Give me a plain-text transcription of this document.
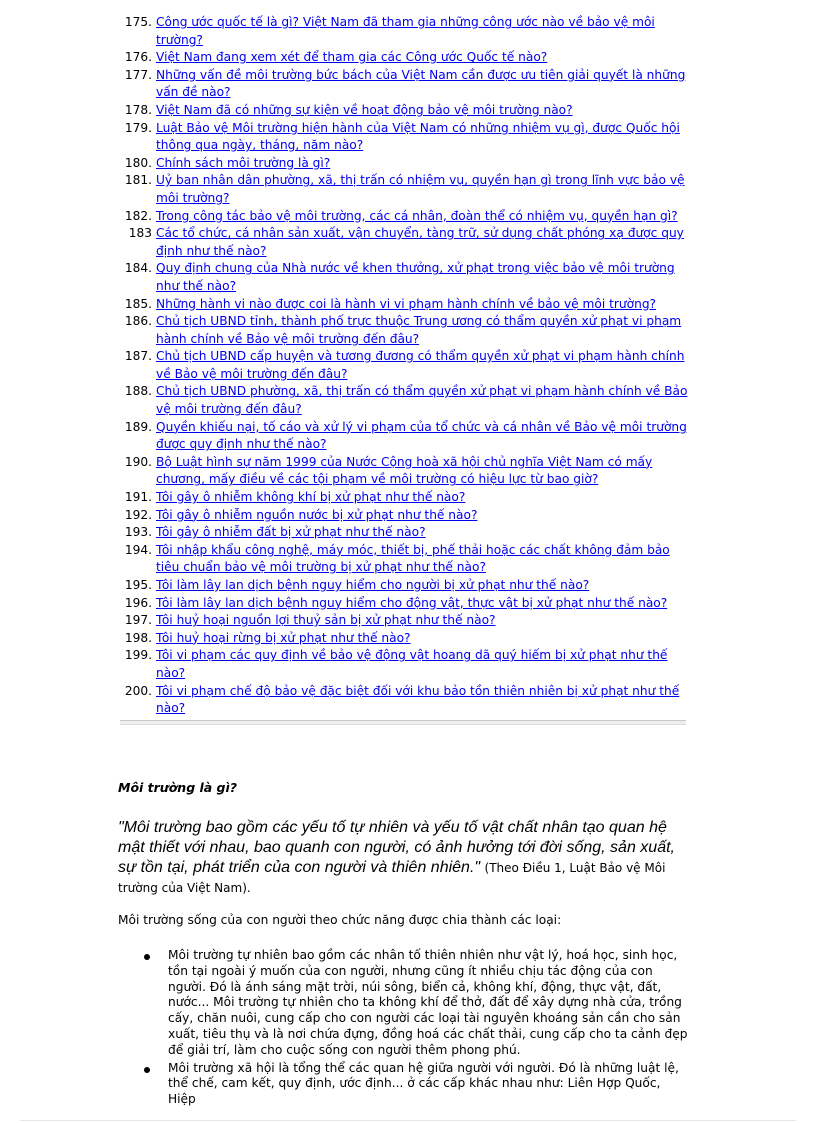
175. Công ước quốc tế là gì? Việt Nam đã tham gia những công ước nào về bảo vệ môi trường?
176. Việt Nam đang xem xét để tham gia các Công ước Quốc tế nào?
177. Những vấn đề môi trường bức bách của Việt Nam cần được ưu tiên giải quyết là những vấn đề nào?
178. Việt Nam đã có những sự kiện về hoạt động bảo vệ môi trường nào?
179. Luật Bảo vệ Môi trường hiện hành của Việt Nam có những nhiệm vụ gì, được Quốc hội thông qua ngày, tháng, năm nào?
180. Chính sách môi trường là gì?
181. Uỷ ban nhân dân phường, xã, thị trấn có nhiệm vụ, quyền hạn gì trong lĩnh vực bảo vệ môi trường?
182. Trong công tác bảo vệ môi trường, các cá nhân, đoàn thể có nhiệm vụ, quyền hạn gì?
183 Các tổ chức, cá nhân sản xuất, vận chuyển, tàng trữ, sử dụng chất phóng xạ được quy định như thế nào?
184. Quy định chung của Nhà nước về khen thưởng, xử phạt trong việc bảo vệ môi trường như thế nào?
185. Những hành vi nào được coi là hành vi vi phạm hành chính về bảo vệ môi trường?
186. Chủ tịch UBND tỉnh, thành phố trực thuộc Trung ương có thẩm quyền xử phạt vi phạm hành chính về Bảo vệ môi trường đến đâu?
187. Chủ tịch UBND cấp huyện và tương đương có thẩm quyền xử phạt vi phạm hành chính về Bảo vệ môi trường đến đâu?
188. Chủ tịch UBND phường, xã, thị trấn có thẩm quyền xử phạt vi phạm hành chính về Bảo vệ môi trường đến đâu?
189. Quyền khiếu nại, tố cáo và xử lý vi phạm của tổ chức và cá nhân về Bảo vệ môi trường được quy định như thế nào?
190. Bộ Luật hình sự năm 1999 của Nước Cộng hoà xã hội chủ nghĩa Việt Nam có mấy chương, mấy điều về các tội phạm về môi trường có hiệu lực từ bao giờ?
191. Tôi gây ô nhiễm không khí bị xử phạt như thế nào?
192. Tôi gây ô nhiễm nguồn nước bị xử phạt như thế nào?
193. Tôi gây ô nhiễm đất bị xử phạt như thế nào?
194. Tôi nhập khẩu công nghệ, máy móc, thiết bị, phế thải hoặc các chất không đảm bảo tiêu chuẩn bảo vệ môi trường bị xử phạt như thế nào?
195. Tôi làm lây lan dịch bệnh nguy hiểm cho người bị xử phạt như thế nào?
196. Tôi làm lây lan dịch bệnh nguy hiểm cho động vật, thực vật bị xử phạt như thế nào?
197. Tôi huỷ hoại nguồn lợi thuỷ sản bị xử phạt như thế nào?
198. Tôi huỷ hoại rừng bị xử phạt như thế nào?
199. Tôi vi phạm các quy định về bảo vệ động vật hoang dã quý hiếm bị xử phạt như thế nào?
200. Tôi vi phạm chế độ bảo vệ đặc biệt đối với khu bảo tồn thiên nhiên bị xử phạt như thế nào?
Môi trường là gì?
"Môi trường bao gồm các yếu tố tự nhiên và yếu tố vật chất nhân tạo quan hệ mật thiết với nhau, bao quanh con người, có ảnh hưởng tới đời sống, sản xuất, sự tồn tại, phát triển của con người và thiên nhiên." (Theo Điều 1, Luật Bảo vệ Môi trường của Việt Nam).
Môi trường sống của con người theo chức năng được chia thành các loại:
Môi trường tự nhiên bao gồm các nhân tố thiên nhiên như vật lý, hoá học, sinh học, tồn tại ngoài ý muốn của con người, nhưng cũng ít nhiều chịu tác động của con người. Đó là ánh sáng mặt trời, núi sông, biển cả, không khí, động, thực vật, đất, nước... Môi trường tự nhiên cho ta không khí để thở, đất để xây dựng nhà cửa, trồng cấy, chăn nuôi, cung cấp cho con người các loại tài nguyên khoáng sản cần cho sản xuất, tiêu thụ và là nơi chứa đựng, đồng hoá các chất thải, cung cấp cho ta cảnh đẹp để giải trí, làm cho cuộc sống con người thêm phong phú.
Môi trường xã hội là tổng thể các quan hệ giữa người với người. Đó là những luật lệ, thể chế, cam kết, quy định, ước định... ở các cấp khác nhau như: Liên Hợp Quốc, Hiệp
